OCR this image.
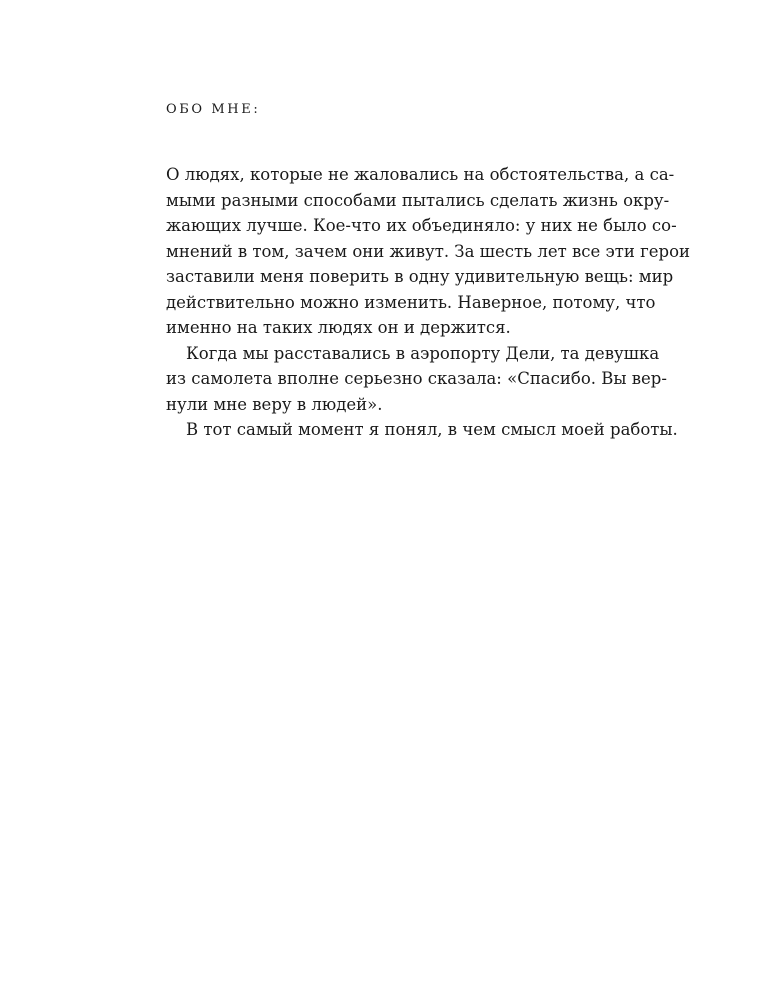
ОБО МНЕ:
О людях, которые не жаловались на обстоятельства, а са-
мыми разными способами пытались сделать жизнь окру-
жающих лучше. Кое-что их объединяло: у них не было со-
мнений в том, зачем они живут. За шесть лет все эти герои
заставили меня поверить в одну удивительную вещь: мир
действительно можно изменить. Наверное, потому, что
именно на таких людях он и держится.
Когда мы расставались в аэропорту Дели, та девушка
из самолета вполне серьезно сказала: «Спасибо. Вы вер-
нули мне веру в людей».
В тот самый момент я понял, в чем смысл моей работы.
